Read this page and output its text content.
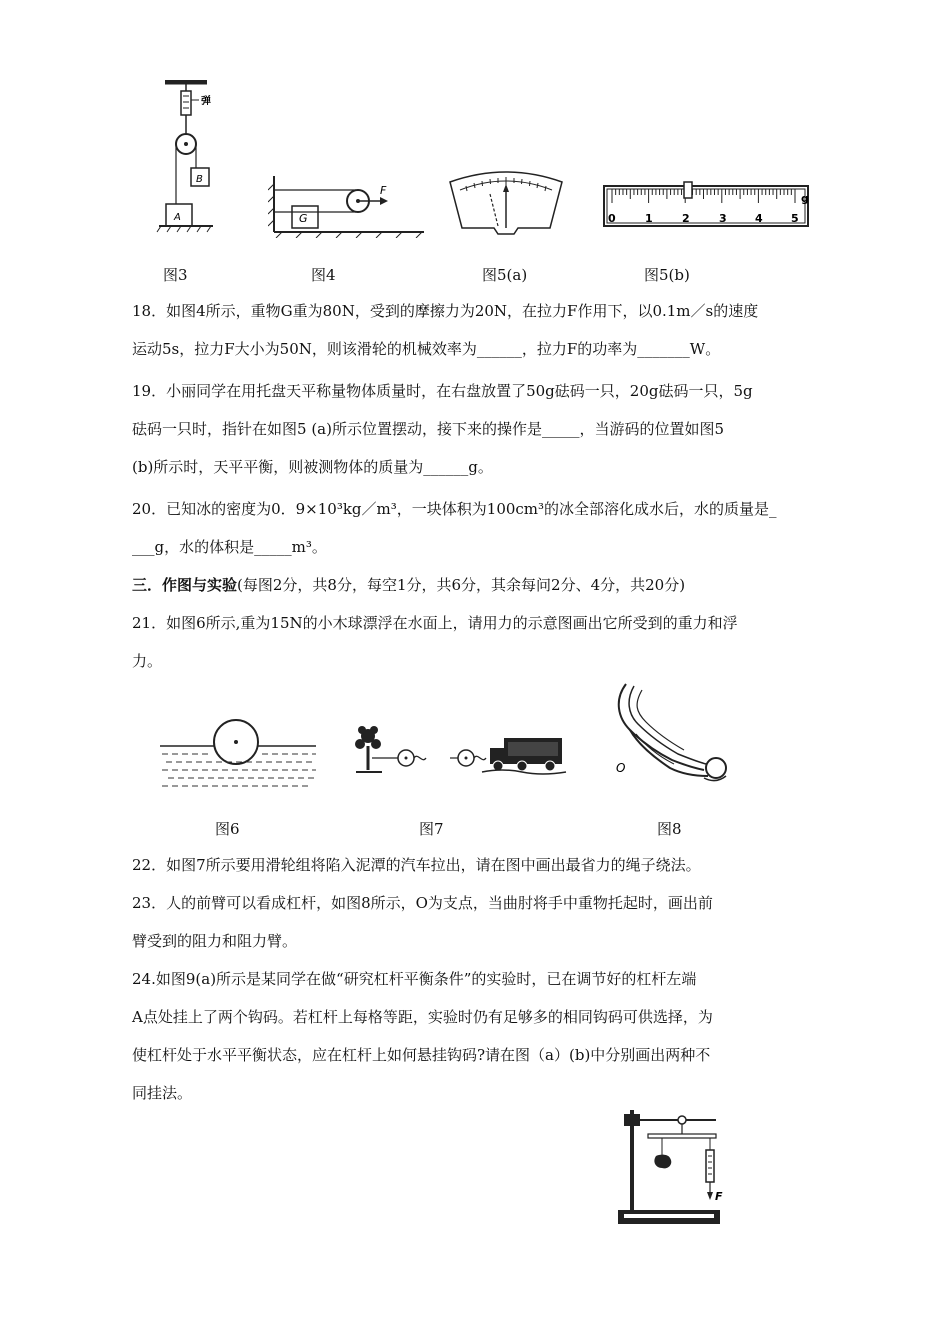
弹
B
A	G
F
0	1	2	3	4	5
g
图3	图4	图5(a)	图5(b)
18．如图4所示，重物G重为80N，受到的摩擦力为20N，在拉力F作用下，以0.1m／s的速度
运动5s，拉力F大小为50N，则该滑轮的机械效率为______，拉力F的功率为_______W。
19．小丽同学在用托盘天平称量物体质量时，在右盘放置了50g砝码一只，20g砝码一只，5g
砝码一只时，指针在如图5 (a)所示位置摆动，接下来的操作是_____，当游码的位置如图5
(b)所示时，天平平衡，则被测物体的质量为______g。
20．已知冰的密度为0．9×10³kg／m³，一块体积为100cm³的冰全部溶化成水后，水的质量是_
___g，水的体积是_____m³。
三．作图与实验(每图2分，共8分，每空1分，共6分，其余每问2分、4分，共20分)
21．如图6所示,重为15N的小木球漂浮在水面上，请用力的示意图画出它所受到的重力和浮
力。
O
图6	图7	图8
22．如图7所示要用滑轮组将陷入泥潭的汽车拉出，请在图中画出最省力的绳子绕法。
23．人的前臂可以看成杠杆，如图8所示，O为支点，当曲肘将手中重物托起时，画出前
臂受到的阻力和阻力臂。
24.如图9(a)所示是某同学在做“研究杠杆平衡条件”的实验时，已在调节好的杠杆左端
A点处挂上了两个钩码。若杠杆上每格等距，实验时仍有足够多的相同钩码可供选择，为
使杠杆处于水平平衡状态，应在杠杆上如何悬挂钩码?请在图（a）(b)中分别画出两种不
同挂法。
F
